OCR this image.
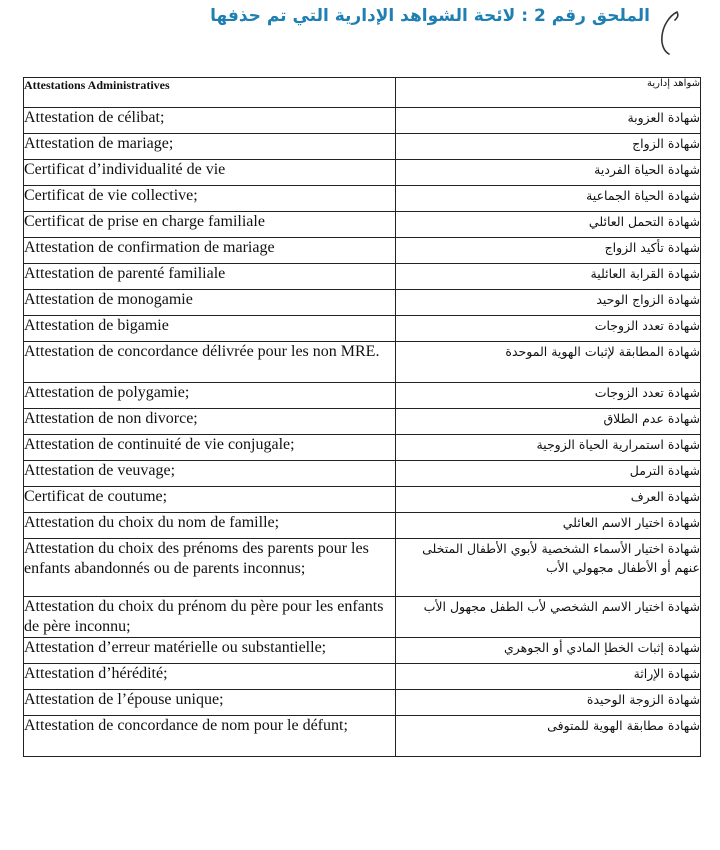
الملحق رقم 2 : لائحة الشواهد الإدارية التي تم حذفها
Attestations Administratives	شواهد إدارية
Attestation de célibat;	شهادة العزوبة
Attestation de mariage;	شهادة الزواج
Certificat d’individualité de vie	شهادة الحياة الفردية
Certificat de vie collective;	شهادة الحياة الجماعية
Certificat de prise en charge familiale	شهادة التحمل العائلي
Attestation de confirmation de mariage	شهادة تأكيد الزواج
Attestation de parenté familiale	شهادة القرابة العائلية
Attestation de monogamie	شهادة الزواج الوحيد
Attestation de bigamie	شهادة تعدد الزوجات
Attestation de concordance délivrée pour les non MRE.	شهادة المطابقة لإثبات الهوية الموحدة
Attestation de polygamie;	شهادة تعدد الزوجات
Attestation de non divorce;	شهادة عدم الطلاق
Attestation de continuité de vie conjugale;	شهادة استمرارية الحياة الزوجية
Attestation de veuvage;	شهادة الترمل
Certificat de coutume;	شهادة العرف
Attestation du choix du nom de famille;	شهادة اختيار الاسم العائلي
Attestation du choix des prénoms des parents pour les enfants abandonnés ou de parents inconnus;	شهادة اختيار الأسماء الشخصية لأبوي الأطفال المتخلى عنهم أو الأطفال مجهولي الأب
Attestation du choix du prénom du père pour les enfants de père inconnu;	شهادة اختيار الاسم الشخصي لأب الطفل مجهول الأب
Attestation d’erreur matérielle ou substantielle;	شهادة إثبات الخطإ المادي أو الجوهري
Attestation d’hérédité;	شهادة الإراثة
Attestation de l’épouse unique;	شهادة الزوجة الوحيدة
Attestation de concordance de nom pour le défunt;	شهادة مطابقة الهوية للمتوفى
